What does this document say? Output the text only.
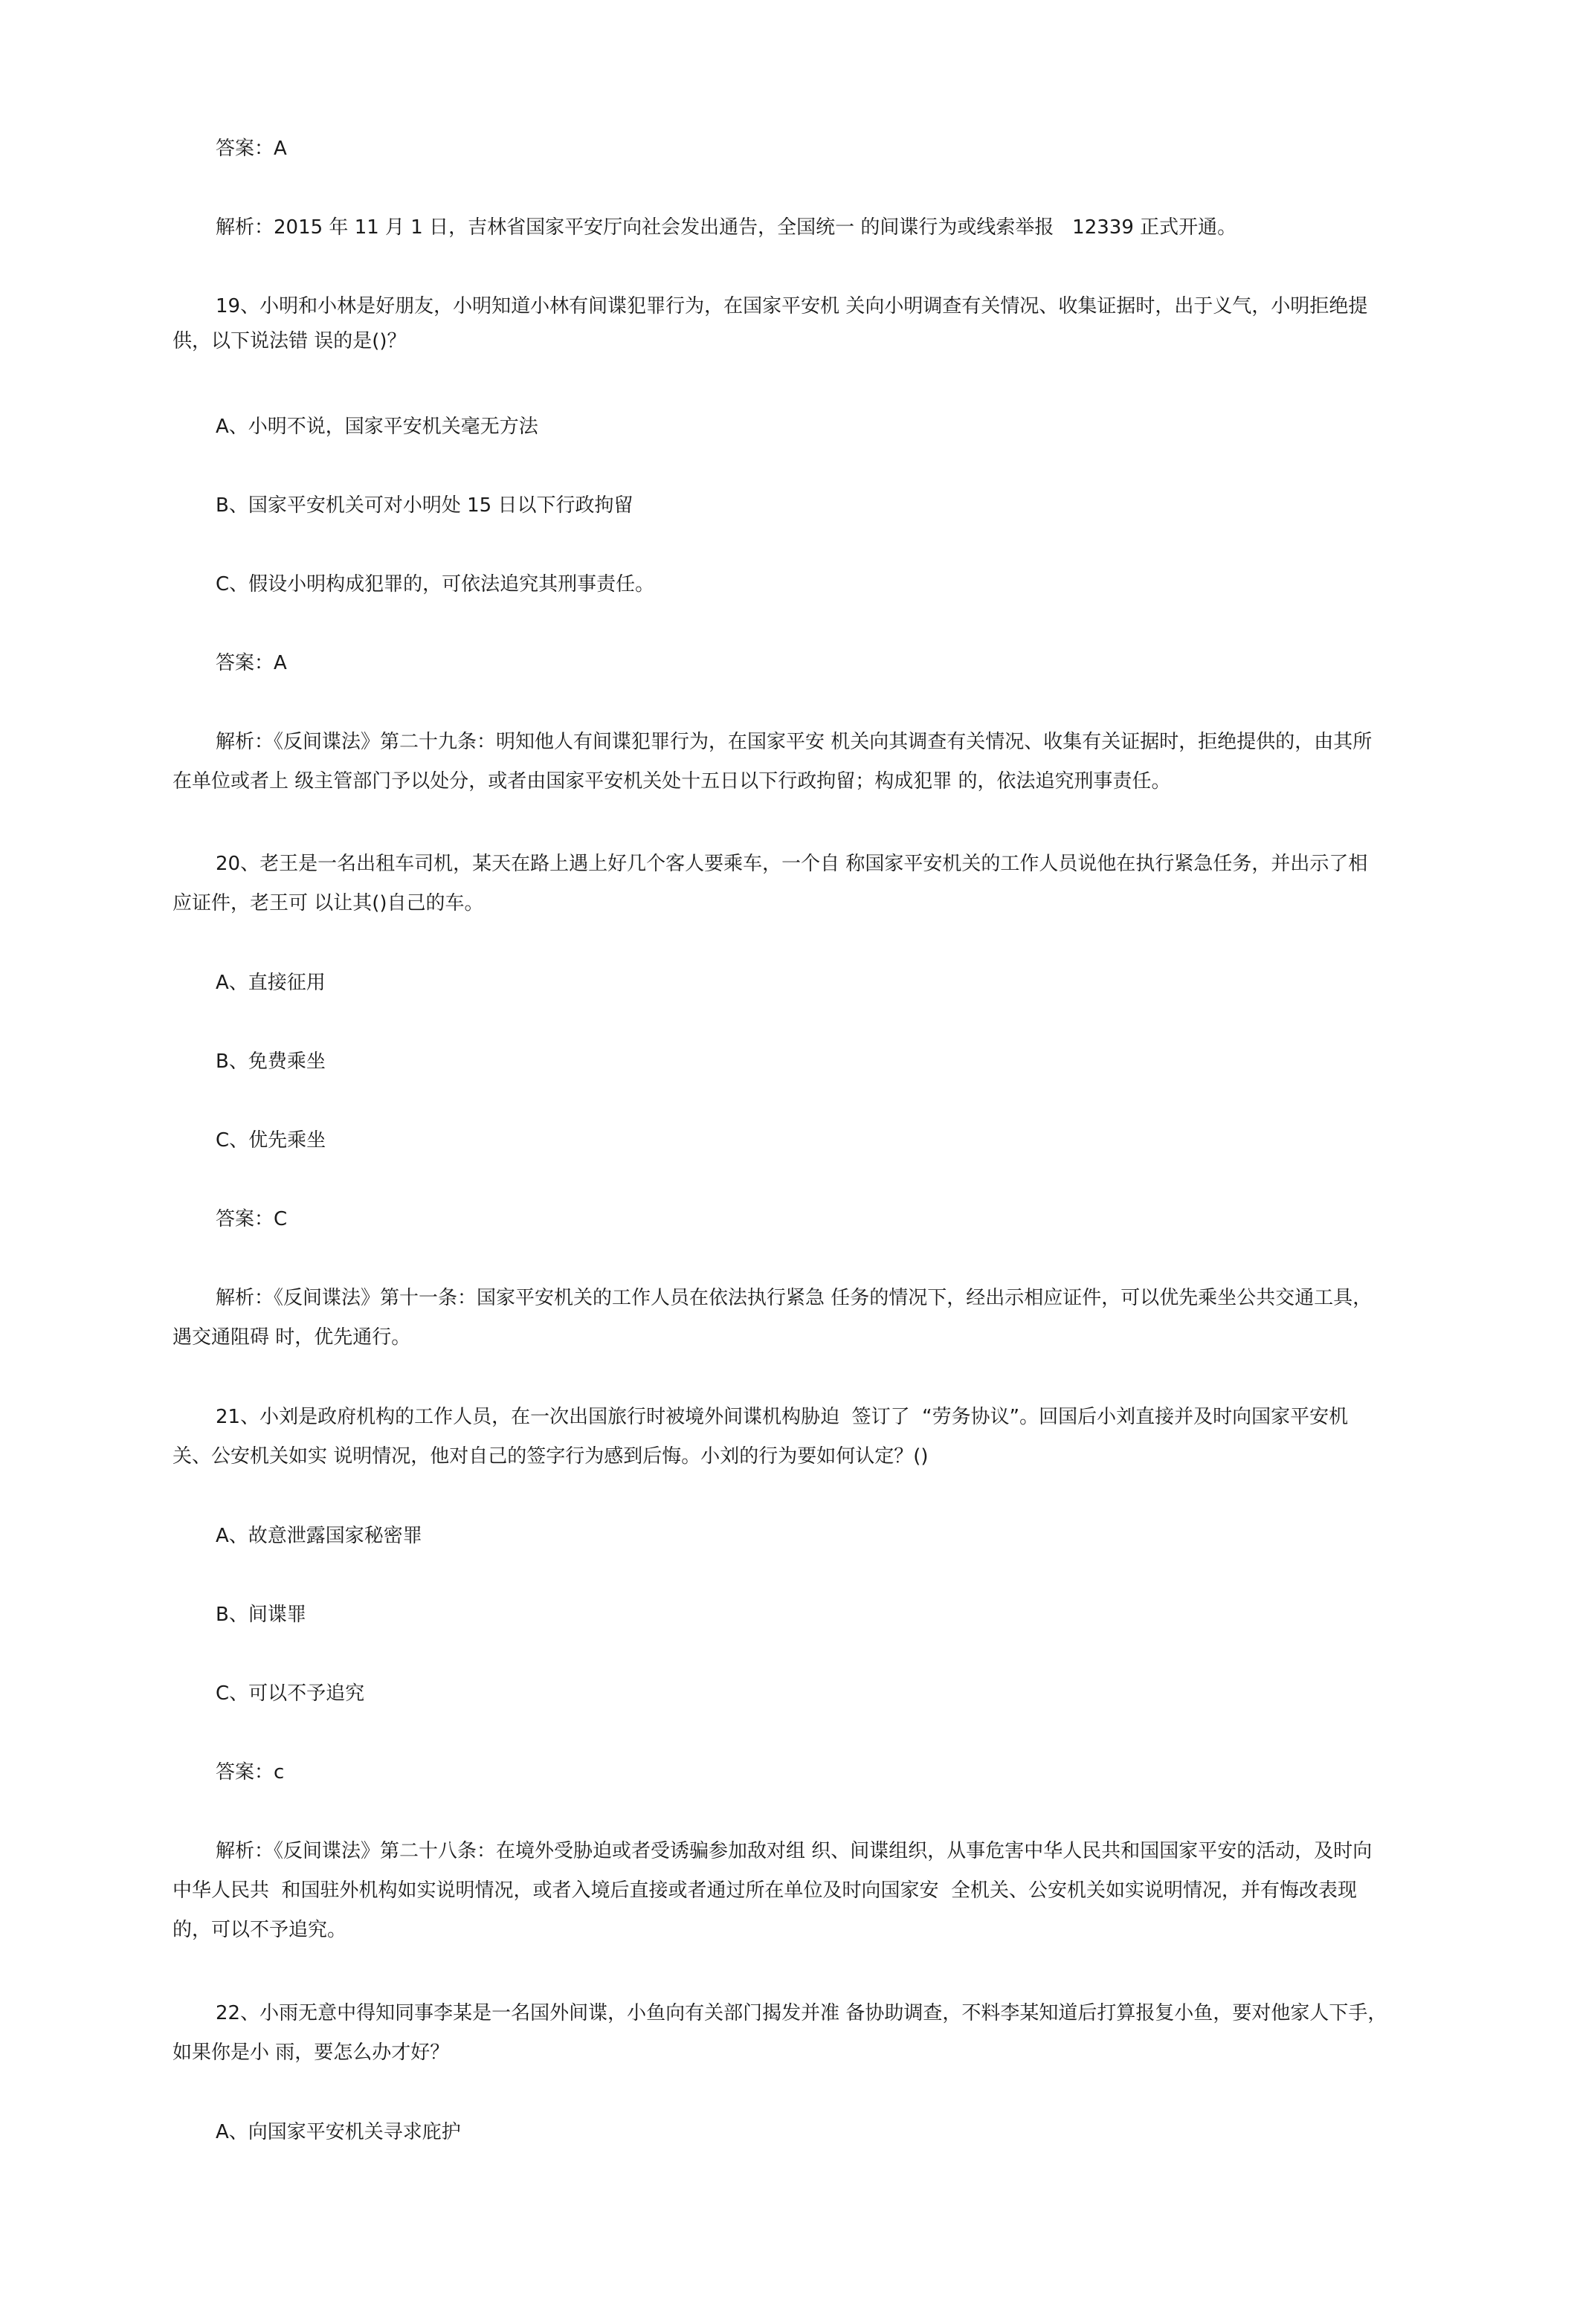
答案：A

解析：2015 年 11 月 1 日，吉林省国家平安厅向社会发出通告，全国统一 的间谍行为或线索举报   12339 正式开通。

19、小明和小林是好朋友，小明知道小林有间谍犯罪行为，在国家平安机 关向小明调查有关情况、收集证据时，出于义气，小明拒绝提

供，以下说法错 误的是()？

A、小明不说，国家平安机关毫无方法

B、国家平安机关可对小明处 15 日以下行政拘留

C、假设小明构成犯罪的，可依法追究其刑事责任。

答案：A

解析：《反间谍法》第二十九条：明知他人有间谍犯罪行为，在国家平安 机关向其调查有关情况、收集有关证据时，拒绝提供的，由其所

在单位或者上 级主管部门予以处分，或者由国家平安机关处十五日以下行政拘留；构成犯罪 的，依法追究刑事责任。

20、老王是一名出租车司机，某天在路上遇上好几个客人要乘车，一个自 称国家平安机关的工作人员说他在执行紧急任务，并出示了相

应证件，老王可 以让其()自己的车。

A、直接征用

B、免费乘坐

C、优先乘坐

答案：C

解析：《反间谍法》第十一条：国家平安机关的工作人员在依法执行紧急 任务的情况下，经出示相应证件，可以优先乘坐公共交通工具，

遇交通阻碍 时，优先通行。

21、小刘是政府机构的工作人员，在一次出国旅行时被境外间谍机构胁迫  签订了  “劳务协议”。回国后小刘直接并及时向国家平安机

关、公安机关如实 说明情况，他对自己的签字行为感到后悔。小刘的行为要如何认定？()

A、故意泄露国家秘密罪

B、间谍罪

C、可以不予追究

答案：c

解析：《反间谍法》第二十八条：在境外受胁迫或者受诱骗参加敌对组 织、间谍组织，从事危害中华人民共和国国家平安的活动，及时向

中华人民共  和国驻外机构如实说明情况，或者入境后直接或者通过所在单位及时向国家安  全机关、公安机关如实说明情况，并有悔改表现

的，可以不予追究。

22、小雨无意中得知同事李某是一名国外间谍，小鱼向有关部门揭发并准 备协助调查，不料李某知道后打算报复小鱼，要对他家人下手，

如果你是小 雨，要怎么办才好？

A、向国家平安机关寻求庇护
